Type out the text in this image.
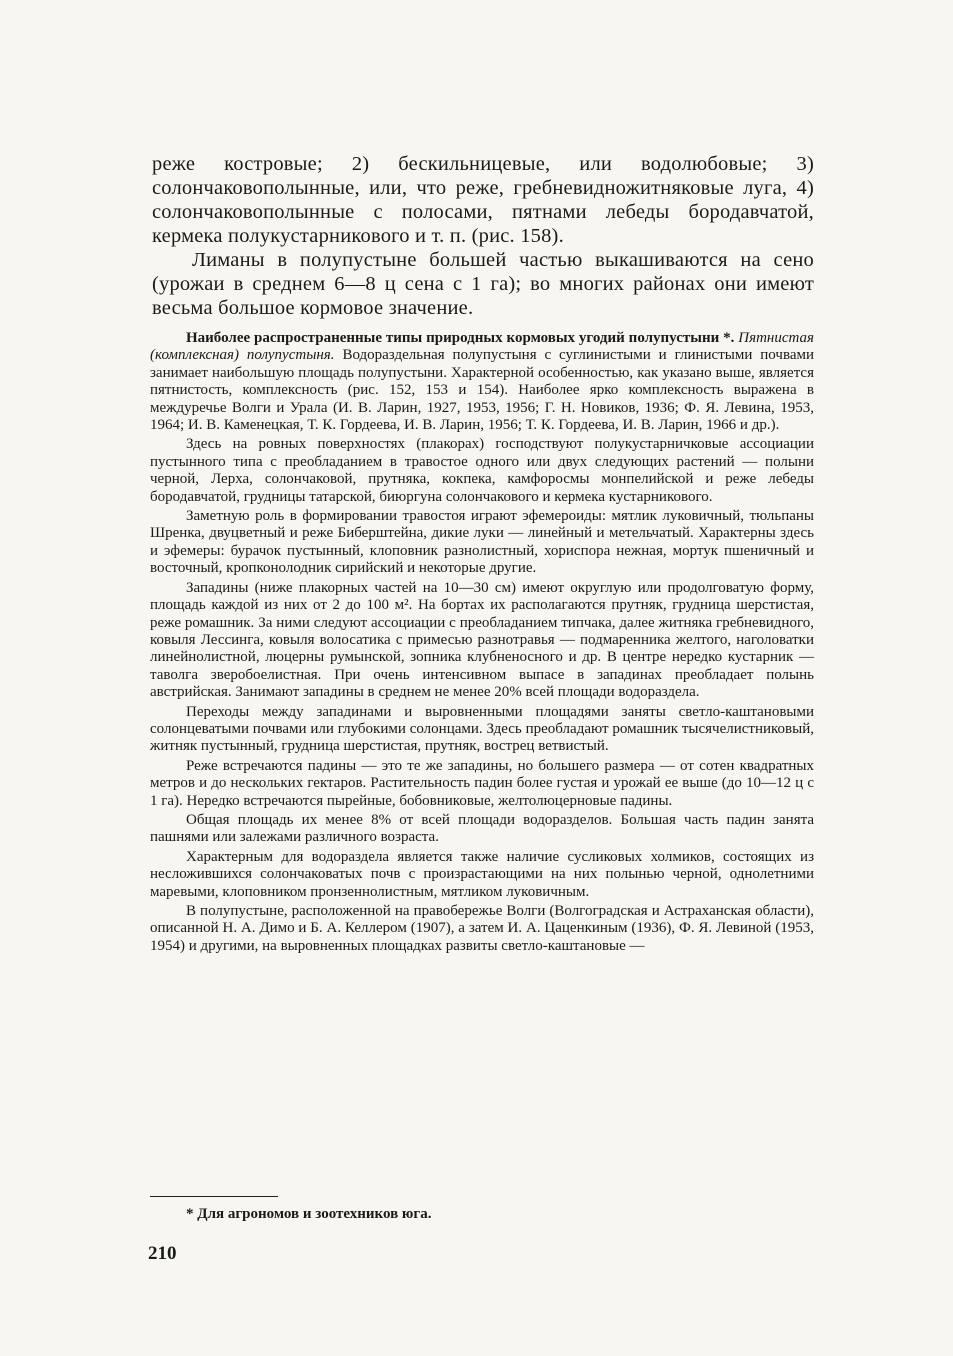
реже костровые; 2) бескильницевые, или водолюбовые; 3) солончаковополынные, или, что реже, гребневидножитняковые луга, 4) солончаковополынные с полосами, пятнами лебеды бородавчатой, кермека полукустарникового и т. п. (рис. 158).

Лиманы в полупустыне большей частью выкашиваются на сено (урожаи в среднем 6—8 ц сена с 1 га); во многих районах они имеют весьма большое кормовое значение.

Наиболее распространенные типы природных кормовых угодий полупустыни *. Пятнистая (комплексная) полупустыня. Водораздельная полупустыня с суглинистыми и глинистыми почвами занимает наибольшую площадь полупустыни. Характерной особенностью, как указано выше, является пятнистость, комплексность (рис. 152, 153 и 154). Наиболее ярко комплексность выражена в междуречье Волги и Урала (И. В. Ларин, 1927, 1953, 1956; Г. Н. Новиков, 1936; Ф. Я. Левина, 1953, 1964; И. В. Каменецкая, Т. К. Гордеева, И. В. Ларин, 1956; Т. К. Гордеева, И. В. Ларин, 1966 и др.).

Здесь на ровных поверхностях (плакорах) господствуют полукустарничковые ассоциации пустынного типа с преобладанием в травостое одного или двух следующих растений — полыни черной, Лерха, солончаковой, прутняка, кокпека, камфоросмы монпелийской и реже лебеды бородавчатой, грудницы татарской, биюргуна солончакового и кермека кустарникового.

Заметную роль в формировании травостоя играют эфемероиды: мятлик луковичный, тюльпаны Шренка, двуцветный и реже Биберштейна, дикие луки — линейный и метельчатый. Характерны здесь и эфемеры: бурачок пустынный, клоповник разнолистный, хориспора нежная, мортук пшеничный и восточный, кропконолодник сирийский и некоторые другие.

Западины (ниже плакорных частей на 10—30 см) имеют округлую или продолговатую форму, площадь каждой из них от 2 до 100 м². На бортах их располагаются прутняк, грудница шерстистая, реже ромашник. За ними следуют ассоциации с преобладанием типчака, далее житняка гребневидного, ковыля Лессинга, ковыля волосатика с примесью разнотравья — подмаренника желтого, наголоватки линейнолистной, люцерны румынской, зопника клубненосного и др. В центре нередко кустарник — таволга зверобоелистная. При очень интенсивном выпасе в западинах преобладает полынь австрийская. Занимают западины в среднем не менее 20% всей площади водораздела.

Переходы между западинами и выровненными площадями заняты светло-каштановыми солонцеватыми почвами или глубокими солонцами. Здесь преобладают ромашник тысячелистниковый, житняк пустынный, грудница шерстистая, прутняк, вострец ветвистый.

Реже встречаются падины — это те же западины, но большего размера — от сотен квадратных метров и до нескольких гектаров. Растительность падин более густая и урожай ее выше (до 10—12 ц с 1 га). Нередко встречаются пырейные, бобовниковые, желтолюцерновые падины.

Общая площадь их менее 8% от всей площади водоразделов. Большая часть падин занята пашнями или залежами различного возраста.

Характерным для водораздела является также наличие сусликовых холмиков, состоящих из несложившихся солончаковатых почв с произрастающими на них полынью черной, однолетними маревыми, клоповником пронзеннолистным, мятликом луковичным.

В полупустыне, расположенной на правобережье Волги (Волгоградская и Астраханская области), описанной Н. А. Димо и Б. А. Келлером (1907), а затем И. А. Цаценкиным (1936), Ф. Я. Левиной (1953, 1954) и другими, на выровненных площадках развиты светло-каштановые —

* Для агрономов и зоотехников юга.
210
